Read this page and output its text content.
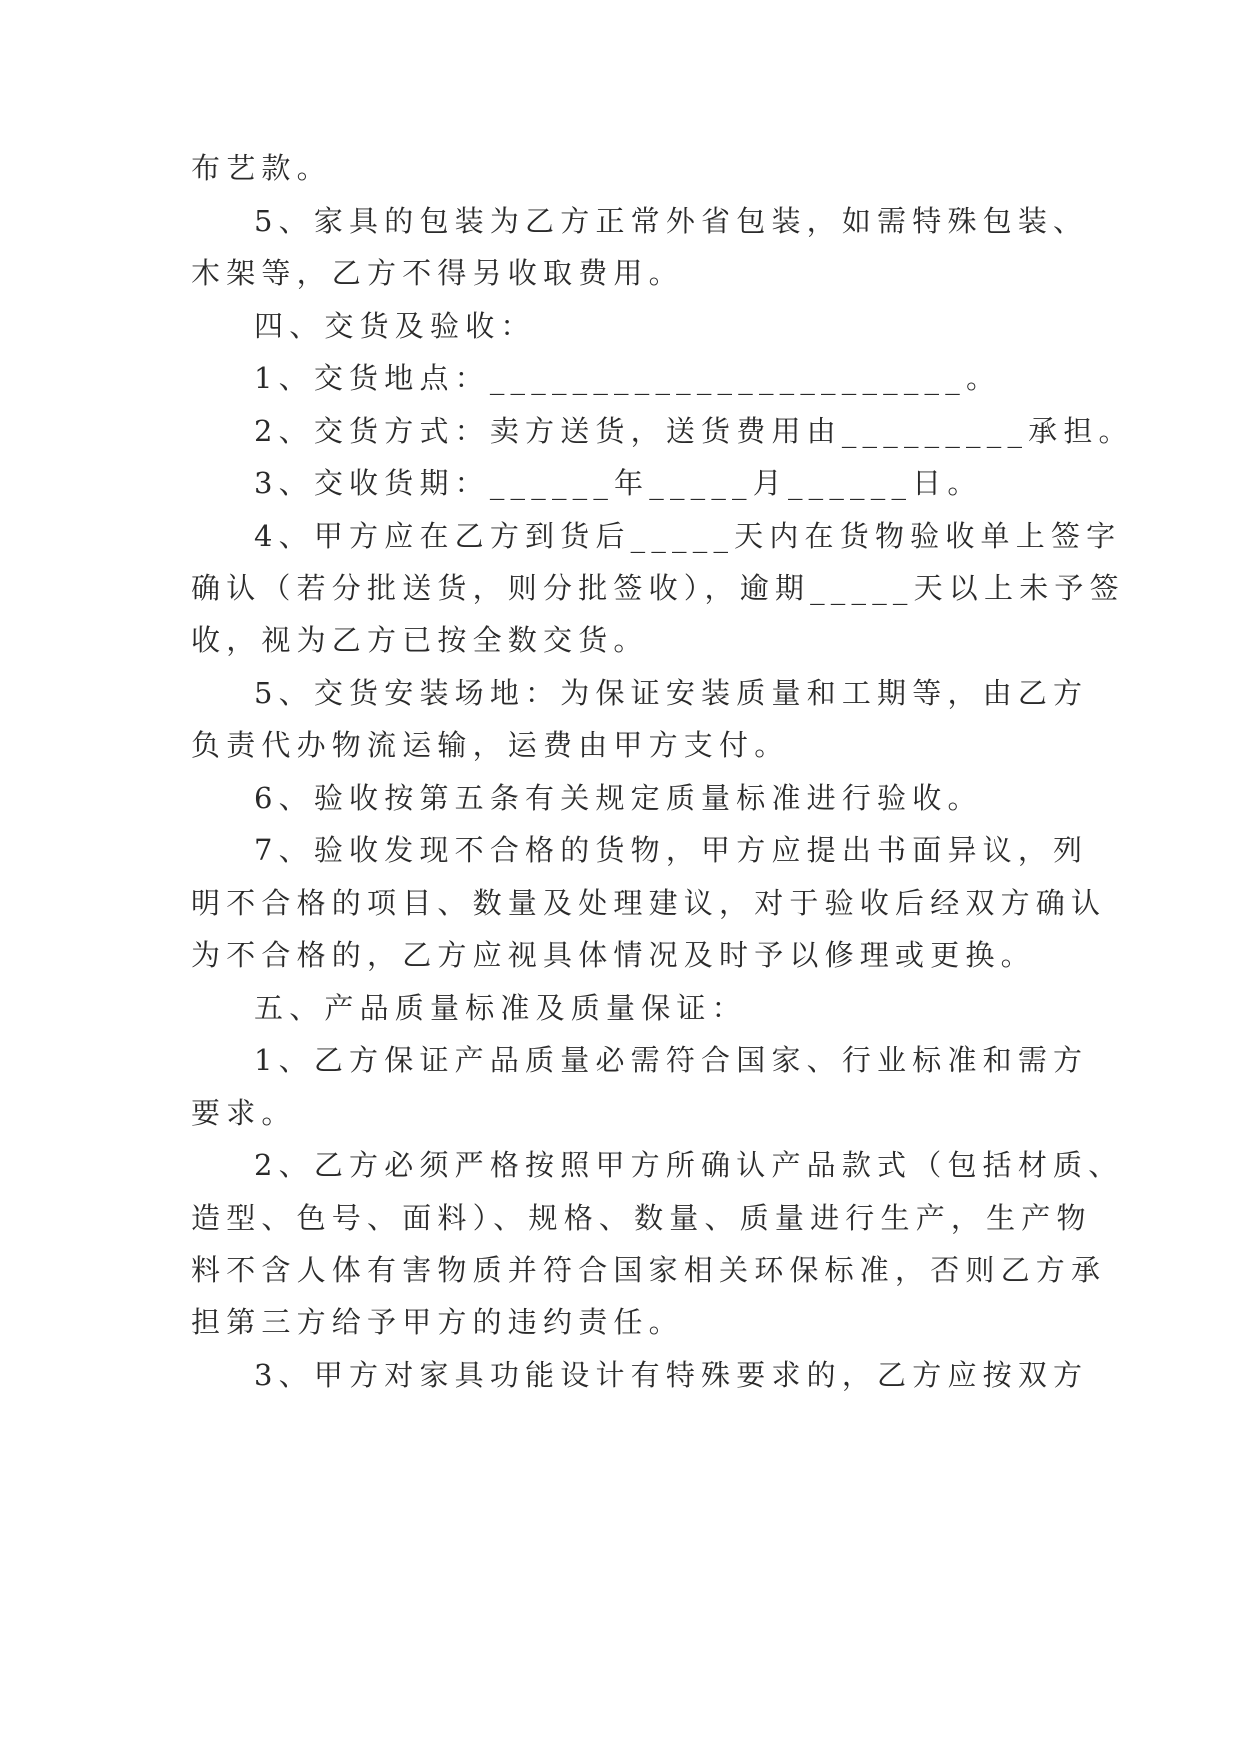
布艺款。
5、家具的包装为乙方正常外省包装，如需特殊包装、
木架等，乙方不得另收取费用。
四、交货及验收：
1、交货地点：_______________________。
2、交货方式：卖方送货，送货费用由_________承担。
3、交收货期：______年_____月______日。
4、甲方应在乙方到货后_____天内在货物验收单上签字
确认（若分批送货，则分批签收），逾期_____天以上未予签
收，视为乙方已按全数交货。
5、交货安装场地：为保证安装质量和工期等，由乙方
负责代办物流运输，运费由甲方支付。
6、验收按第五条有关规定质量标准进行验收。
7、验收发现不合格的货物，甲方应提出书面异议，列
明不合格的项目、数量及处理建议，对于验收后经双方确认
为不合格的，乙方应视具体情况及时予以修理或更换。
五、产品质量标准及质量保证：
1、乙方保证产品质量必需符合国家、行业标准和需方
要求。
2、乙方必须严格按照甲方所确认产品款式（包括材质、
造型、色号、面料）、规格、数量、质量进行生产，生产物
料不含人体有害物质并符合国家相关环保标准，否则乙方承
担第三方给予甲方的违约责任。
3、甲方对家具功能设计有特殊要求的，乙方应按双方
